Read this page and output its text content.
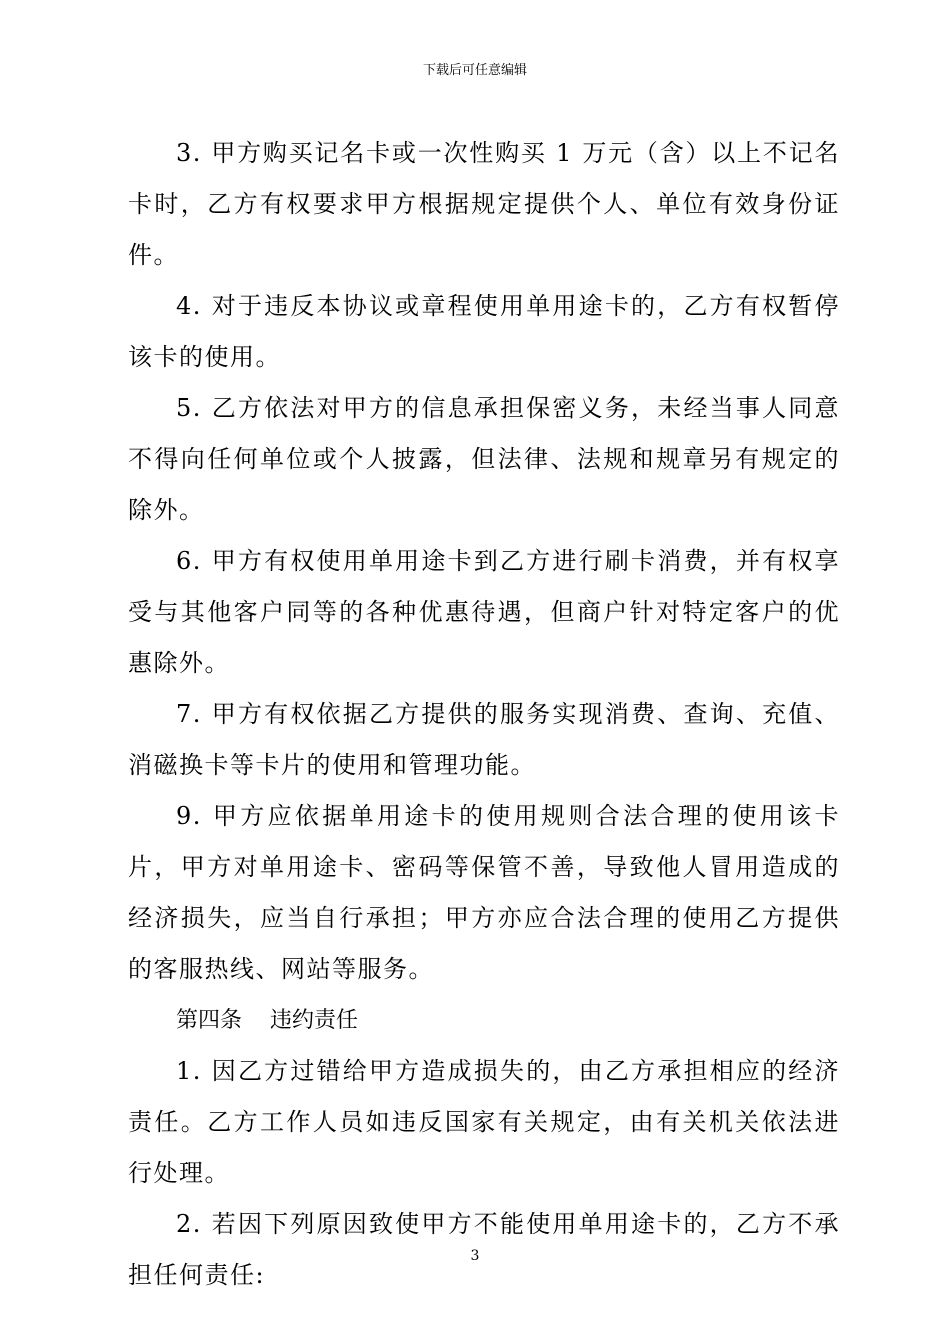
下载后可任意编辑

3. 甲方购买记名卡或一次性购买 1 万元（含）以上不记名卡时，乙方有权要求甲方根据规定提供个人、单位有效身份证件。

4. 对于违反本协议或章程使用单用途卡的，乙方有权暂停该卡的使用。

5. 乙方依法对甲方的信息承担保密义务，未经当事人同意不得向任何单位或个人披露，但法律、法规和规章另有规定的除外。

6. 甲方有权使用单用途卡到乙方进行刷卡消费，并有权享受与其他客户同等的各种优惠待遇，但商户针对特定客户的优惠除外。

7. 甲方有权依据乙方提供的服务实现消费、查询、充值、消磁换卡等卡片的使用和管理功能。

9. 甲方应依据单用途卡的使用规则合法合理的使用该卡片，甲方对单用途卡、密码等保管不善，导致他人冒用造成的经济损失，应当自行承担；甲方亦应合法合理的使用乙方提供的客服热线、网站等服务。

第四条    违约责任

1. 因乙方过错给甲方造成损失的，由乙方承担相应的经济责任。乙方工作人员如违反国家有关规定，由有关机关依法进行处理。

2. 若因下列原因致使甲方不能使用单用途卡的，乙方不承担任何责任:

3
